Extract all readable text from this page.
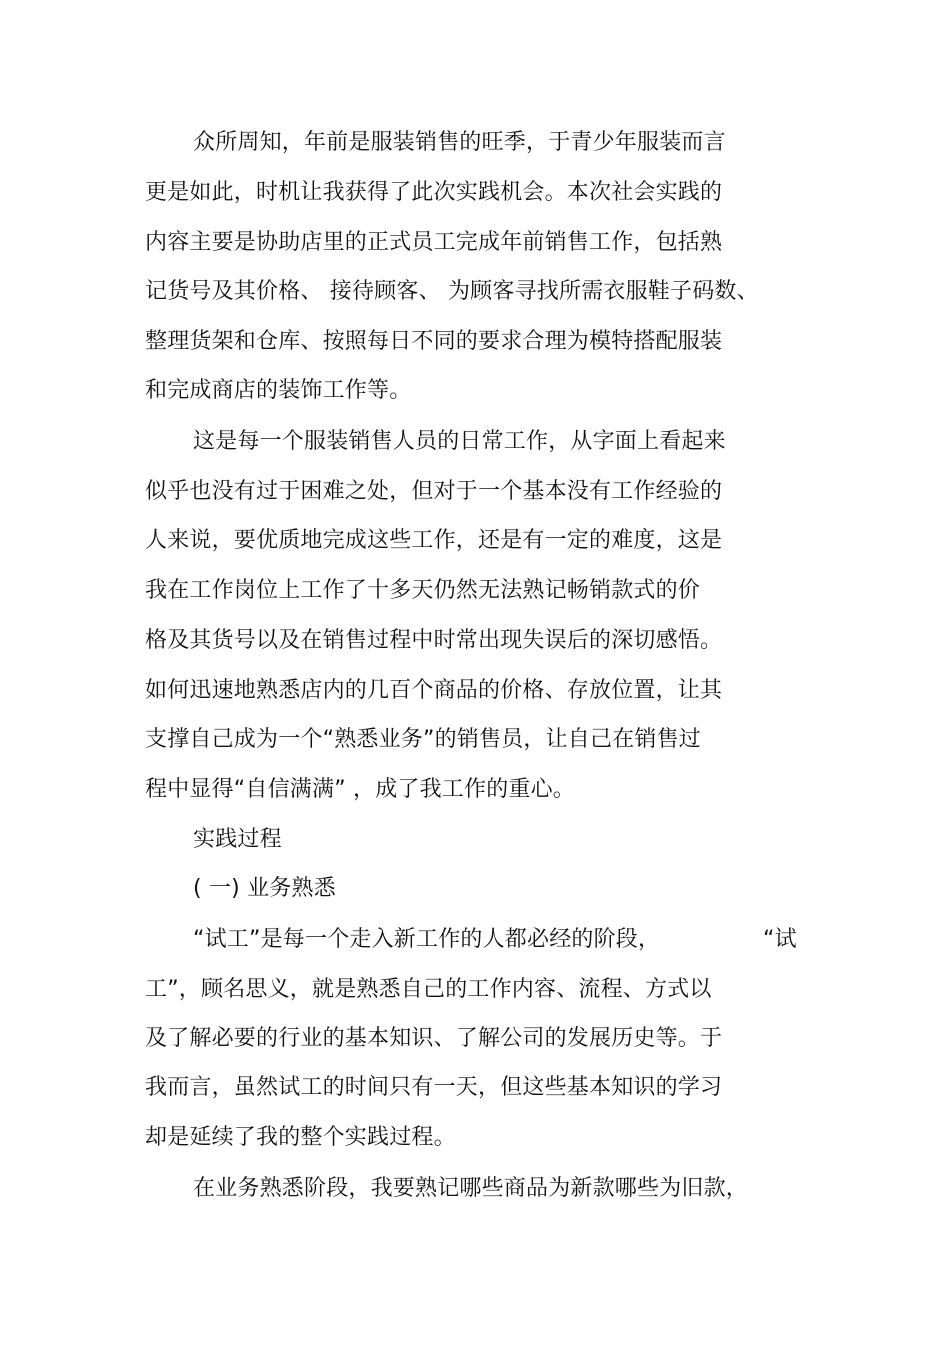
众所周知，年前是服装销售的旺季，于青少年服装而言
更是如此，时机让我获得了此次实践机会。本次社会实践的
内容主要是协助店里的正式员工完成年前销售工作，包括熟
记货号及其价格、 接待顾客、 为顾客寻找所需衣服鞋子码数、
整理货架和仓库、按照每日不同的要求合理为模特搭配服装
和完成商店的装饰工作等。
这是每一个服装销售人员的日常工作，从字面上看起来
似乎也没有过于困难之处，但对于一个基本没有工作经验的
人来说，要优质地完成这些工作，还是有一定的难度，这是
我在工作岗位上工作了十多天仍然无法熟记畅销款式的价
格及其货号以及在销售过程中时常出现失误后的深切感悟。
如何迅速地熟悉店内的几百个商品的价格、存放位置，让其
支撑自己成为一个“熟悉业务”的销售员，让自己在销售过
程中显得“自信满满” ，成了我工作的重心。
实践过程
( 一) 业务熟悉
“试工”是每一个走入新工作的人都必经的阶段，	“试
工”，顾名思义，就是熟悉自己的工作内容、流程、方式以
及了解必要的行业的基本知识、了解公司的发展历史等。于
我而言，虽然试工的时间只有一天，但这些基本知识的学习
却是延续了我的整个实践过程。
在业务熟悉阶段，我要熟记哪些商品为新款哪些为旧款，
